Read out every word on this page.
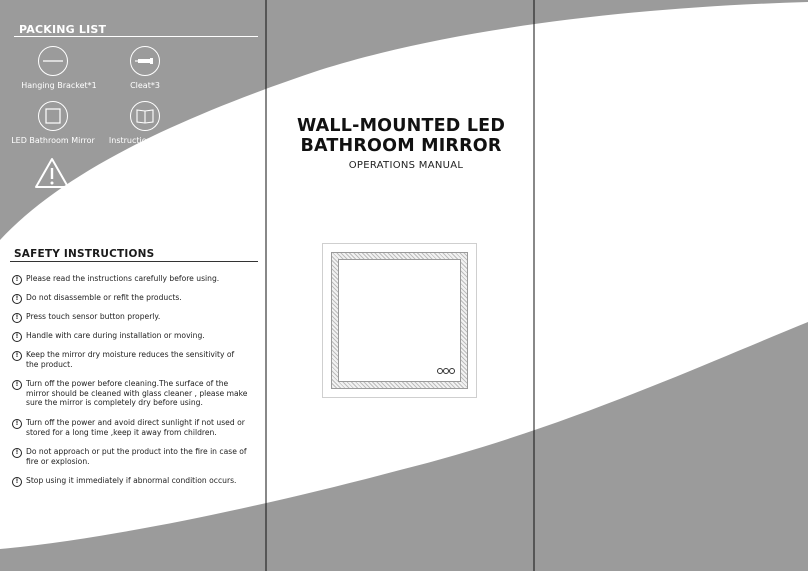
PACKING LIST
Hanging Bracket*1	Cleat*3
LED Bathroom Mirror Instruction Manua
SAFETY INSTRUCTIONS
!	Please read the instructions carefully before using.
!	Do not disassemble or refit the products.
!	Press touch sensor button properly.
!	Handle with care during installation or moving.
!	Keep the mirror dry moisture reduces the sensitivity of the product.
!	Turn off the power before cleaning.The surface of the mirror should be cleaned with glass cleaner , please make sure the mirror is completely dry before using.
!	Turn off the power and avoid direct sunlight if not used or stored for a long time ,keep it away from children.
!	Do not approach or put the product into the fire in case of fire or explosion.
!	Stop using it immediately if abnormal condition occurs.
WALL-MOUNTED LED
BATHROOM MIRROR
OPERATIONS MANUAL
